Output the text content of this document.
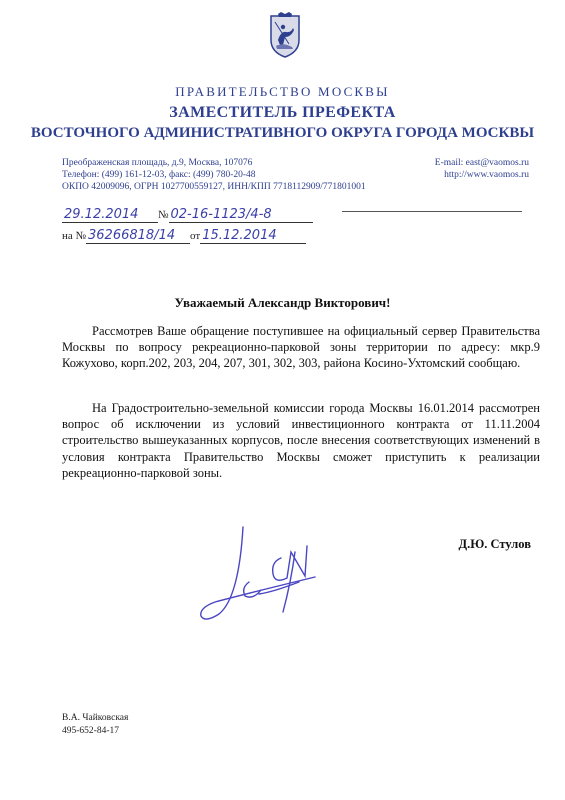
ПРАВИТЕЛЬСТВО МОСКВЫ
ЗАМЕСТИТЕЛЬ ПРЕФЕКТА
ВОСТОЧНОГО АДМИНИСТРАТИВНОГО ОКРУГА ГОРОДА МОСКВЫ
Преображенская площадь, д.9, Москва, 107076
Телефон: (499) 161-12-03, факс: (499) 780-20-48
ОКПО 42009096, ОГРН 1027700559127, ИНН/КПП 7718112909/771801001
E-mail: east@vaomos.ru
http://www.vaomos.ru
29.12.2014 № 02-16-1123/4-8
на № 36266818/14 от 15.12.2014
Уважаемый Александр Викторович!
Рассмотрев Ваше обращение поступившее на официальный сервер Правительства Москвы по вопросу рекреационно-парковой зоны территории по адресу: мкр.9 Кожухово, корп.202, 203, 204, 207, 301, 302, 303, района Косино-Ухтомский сообщаю.
На Градостроительно-земельной комиссии города Москвы 16.01.2014 рассмотрен вопрос об исключении из условий инвестиционного контракта от 11.11.2004 строительство вышеуказанных корпусов, после внесения соответствующих изменений в условия контракта Правительство Москвы сможет приступить к реализации рекреационно-парковой зоны.
Д.Ю. Стулов
В.А. Чайковская
495-652-84-17
